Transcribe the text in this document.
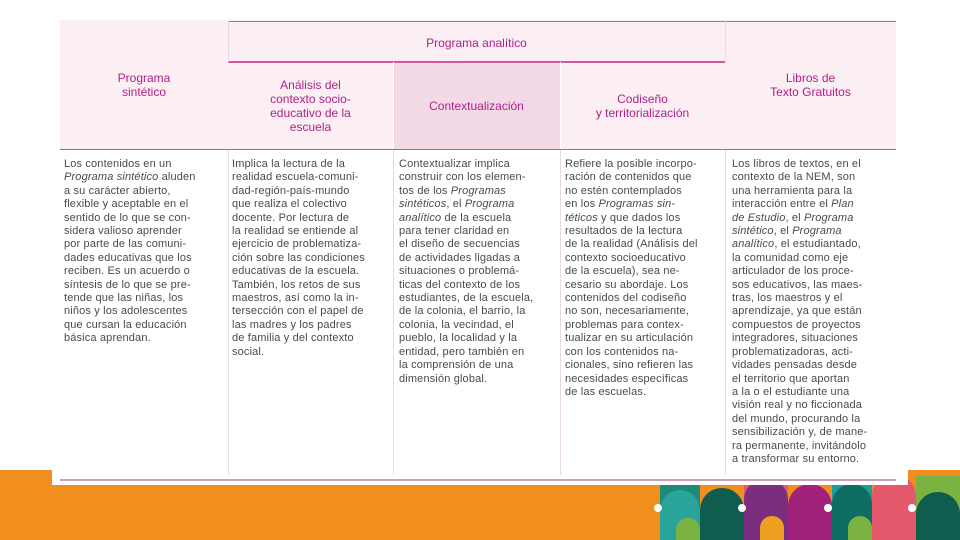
Programa analítico
Programa
sintético
Análisis del
contexto socio-
educativo de la
escuela
Contextualización	Codiseño
y territorialización
Libros de
Texto Gratuitos
Los contenidos en un
Programa sintético aluden
a su carácter abierto,
flexible y aceptable en el
sentido de lo que se con-
sidera valioso aprender
por parte de las comuni-
dades educativas que los
reciben. Es un acuerdo o
síntesis de lo que se pre-
tende que las niñas, los
niños y los adolescentes
que cursan la educación
básica aprendan.
Implica la lectura de la
realidad escuela-comuni-
dad-región-país-mundo
que realiza el colectivo
docente. Por lectura de
la realidad se entiende al
ejercicio de problematiza-
ción sobre las condiciones
educativas de la escuela.
También, los retos de sus
maestros, así como la in-
tersección con el papel de
las madres y los padres
de familia y del contexto
social.
Contextualizar implica
construir con los elemen-
tos de los Programas
sintéticos, el Programa
analítico de la escuela
para tener claridad en
el diseño de secuencias
de actividades ligadas a
situaciones o problemá-
ticas del contexto de los
estudiantes, de la escuela,
de la colonia, el barrio, la
colonia, la vecindad, el
pueblo, la localidad y la
entidad, pero también en
la comprensión de una
dimensión global.
Refiere la posible incorpo-
ración de contenidos que
no estén contemplados
en los Programas sin-
téticos y que dados los
resultados de la lectura
de la realidad (Análisis del
contexto socioeducativo
de la escuela), sea ne-
cesario su abordaje. Los
contenidos del codiseño
no son, necesariamente,
problemas para contex-
tualizar en su articulación
con los contenidos na-
cionales, sino refieren las
necesidades específicas
de las escuelas.
Los libros de textos, en el
contexto de la NEM, son
una herramienta para la
interacción entre el Plan
de Estudio, el Programa
sintético, el Programa
analítico, el estudiantado,
la comunidad como eje
articulador de los proce-
sos educativos, las maes-
tras, los maestros y el
aprendizaje, ya que están
compuestos de proyectos
integradores, situaciones
problematizadoras, acti-
vidades pensadas desde
el territorio que aportan
a la o el estudiante una
visión real y no ficcionada
del mundo, procurando la
sensibilización y, de mane-
ra permanente, invitándolo
a transformar su entorno.
